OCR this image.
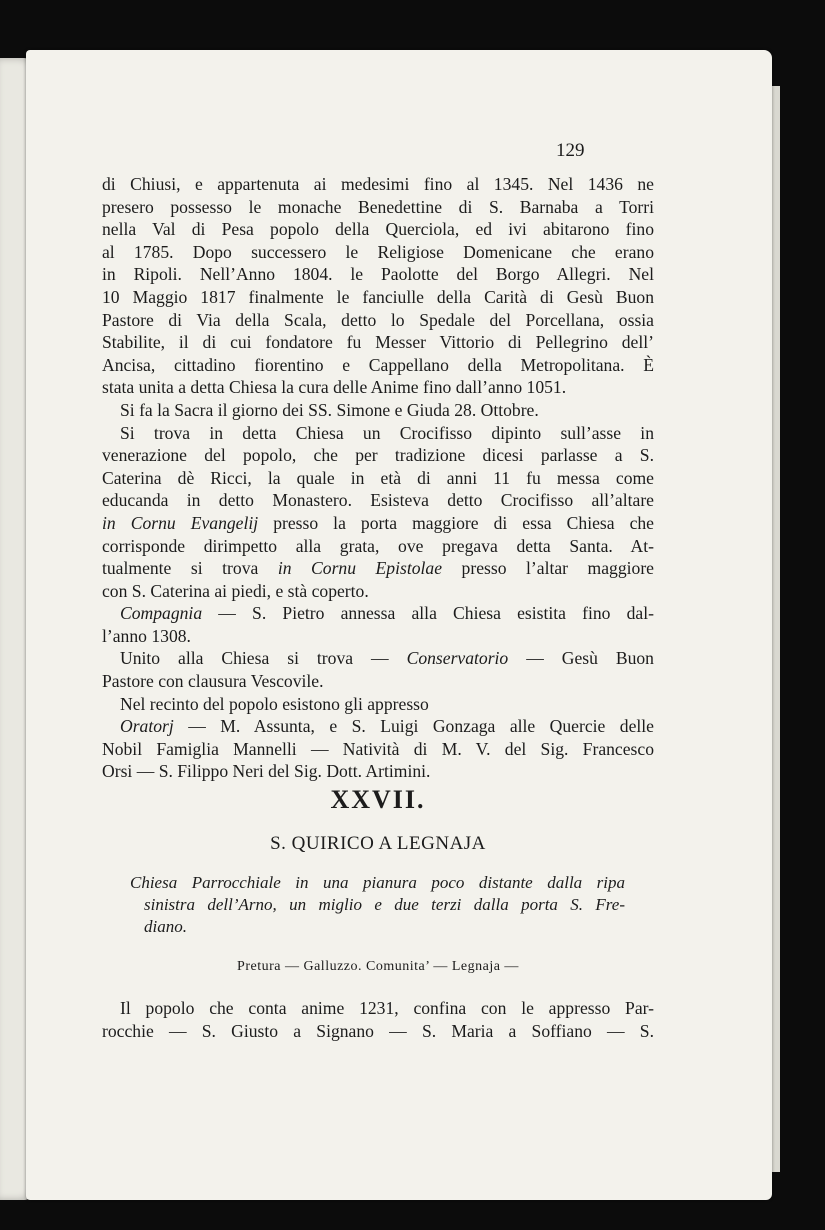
129
di Chiusi, e appartenuta ai medesimi fino al 1345. Nel 1436 ne
presero possesso le monache Benedettine di S. Barnaba a Torri
nella Val di Pesa popolo della Querciola, ed ivi abitarono fino
al 1785. Dopo successero le Religiose Domenicane che erano
in Ripoli. Nell’Anno 1804. le Paolotte del Borgo Allegri. Nel
10 Maggio 1817 finalmente le fanciulle della Carità di Gesù Buon
Pastore di Via della Scala, detto lo Spedale del Porcellana, ossia
Stabilite, il di cui fondatore fu Messer Vittorio di Pellegrino dell’
Ancisa, cittadino fiorentino e Cappellano della Metropolitana. È
stata unita a detta Chiesa la cura delle Anime fino dall’anno 1051.
Si fa la Sacra il giorno dei SS. Simone e Giuda 28. Ottobre.
Si trova in detta Chiesa un Crocifisso dipinto sull’asse in
venerazione del popolo, che per tradizione dicesi parlasse a S.
Caterina dè Ricci, la quale in età di anni 11 fu messa come
educanda in detto Monastero. Esisteva detto Crocifisso all’altare
in Cornu Evangelij presso la porta maggiore di essa Chiesa che
corrispоnde dirimpetto alla grata, ove pregava detta Santa. At-
tualmente si trova in Cornu Epistolae presso l’altar maggiore
con S. Caterina ai piedi, e stà coperto.
Compagnia — S. Pietro annessa alla Chiesa esistita fino dal-
l’anno 1308.
Unito alla Chiesa si trova — Conservatorio — Gesù Buon
Pastore con clausura Vescovile.
Nel recinto del popolo esistono gli appresso
Oratorj — M. Assunta, e S. Luigi Gonzaga alle Quercie delle
Nobil Famiglia Mannelli — Natività di M. V. del Sig. Francesco
Orsi — S. Filippo Neri del Sig. Dott. Artimini.
XXVII.
S. QUIRICO A LEGNAJA
Chiesa Parrocchiale in una pianura poco distante dalla ripa
sinistra dell’Arno, un miglio e due terzi dalla porta S. Fre-
diano.
Pretura — Galluzzo. Comunita’ — Legnaja —
Il popolo che conta anime 1231, confina con le appresso Par-
rocchie — S. Giusto a Signano — S. Maria a Soffiano — S.
